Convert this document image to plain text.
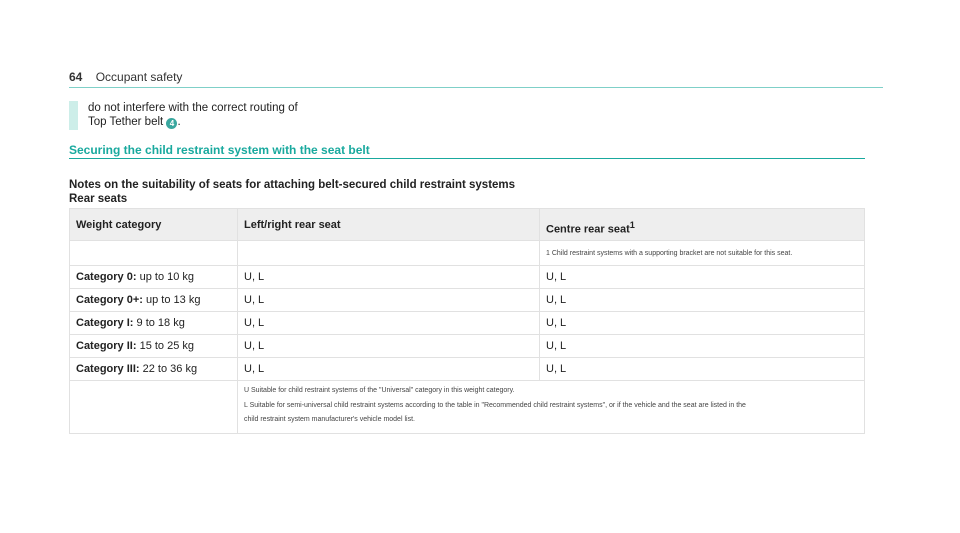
64 Occupant safety
do not interfere with the correct routing of
Top Tether belt 4 .
Securing the child restraint system with the seat belt
Notes on the suitability of seats for attaching belt-secured child restraint systems
Rear seats
Weight category	Left/right rear seat	Centre rear seat$^1$
		1 Child restraint systems with a supporting bracket are not suitable for this seat.
Category 0: up to 10 kg	U, L	U, L
Category 0+: up to 13 kg	U, L	U, L
Category I: 9 to 18 kg	U, L	U, L
Category II: 15 to 25 kg	U, L	U, L
Category III: 22 to 36 kg	U, L	U, L

	U Suitable for child restraint systems of the "Universal" category in this weight category.
L Suitable for semi-universal child restraint systems according to the table in "Recommended child restraint systems", or if the vehicle and the seat are listed in the
child restraint system manufacturer's vehicle model list.	
